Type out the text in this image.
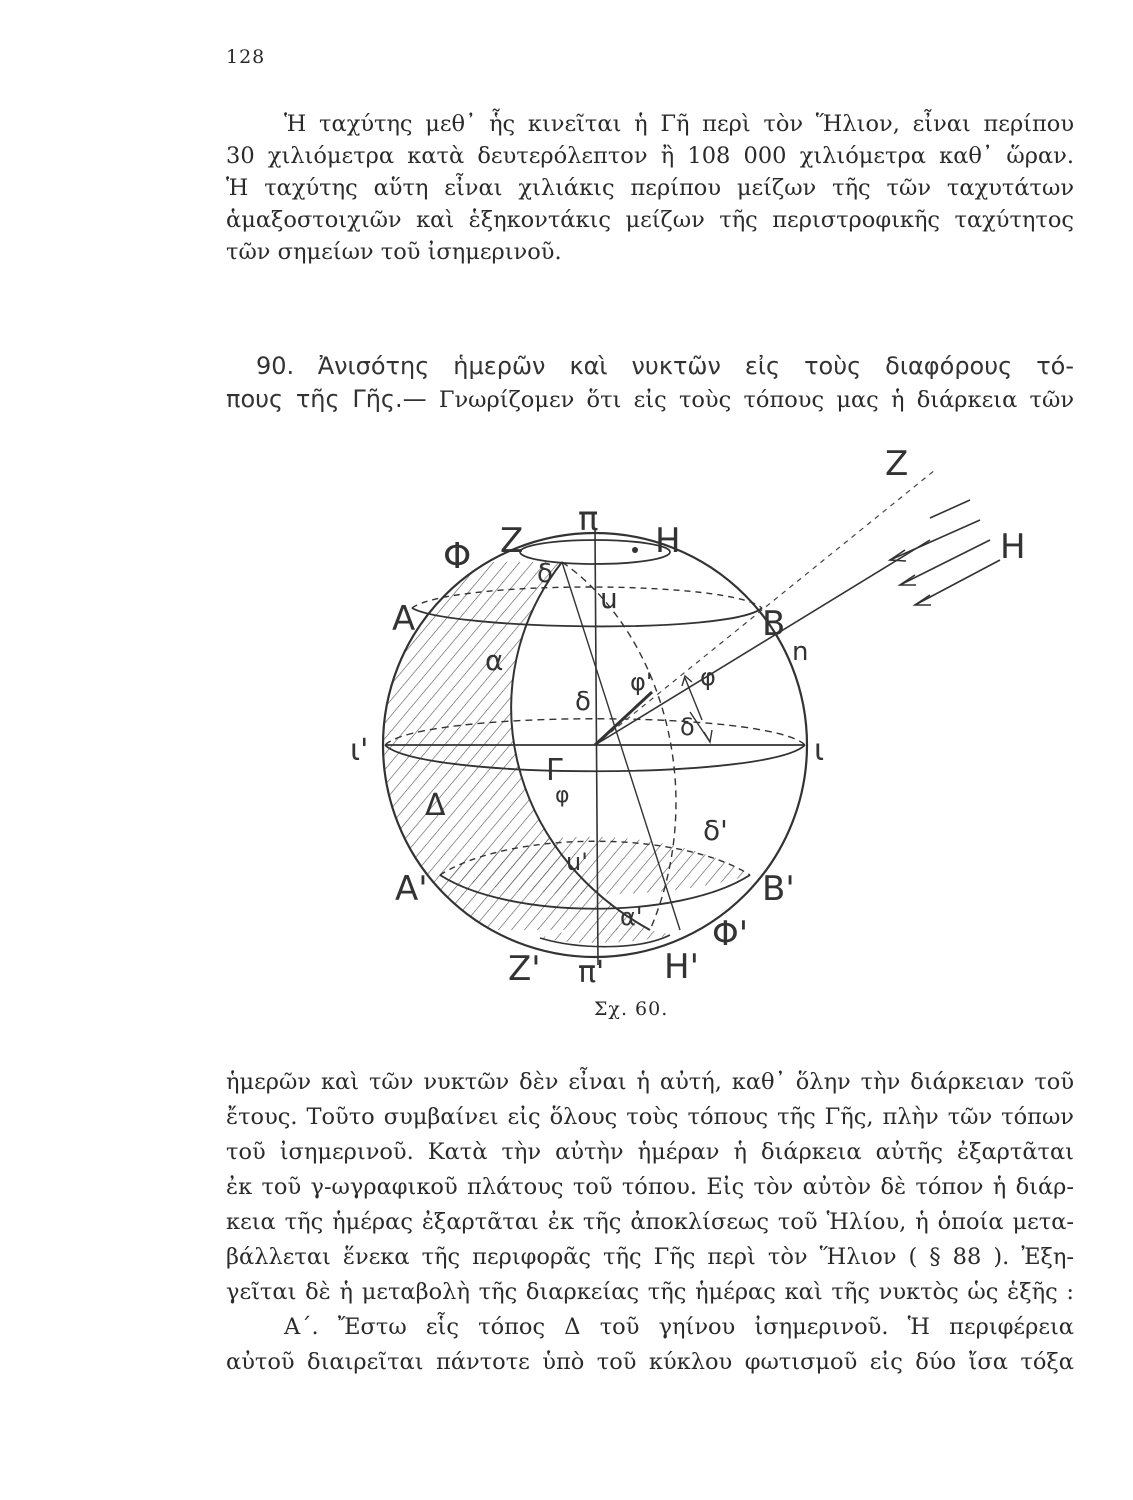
128
Ἡ ταχύτης μεθ᾽ ἧς κινεῖται ἡ Γῆ περὶ τὸν Ἥλιον, εἶναι περίπου
30 χιλιόμετρα κατὰ δευτερόλεπτον ἢ 108 000 χιλιόμετρα καθ᾽ ὥραν.
Ἡ ταχύτης αὕτη εἶναι χιλιάκις περίπου μείζων τῆς τῶν ταχυτάτων
ἁμαξοστοιχιῶν καὶ ἑξηκοντάκις μείζων τῆς περιστροφικῆς ταχύτητος
τῶν σημείων τοῦ ἰσημερινοῦ.
90. Ἀνισότης ἡμερῶν καὶ νυκτῶν εἰς τοὺς διαφόρους τό-
πους τῆς Γῆς.— Γνωρίζομεν ὅτι εἰς τοὺς τόπους μας ἡ διάρκεια τῶν
Z
H
Φ Z
π
H
δ
A
u
B
n
α
φ' φ
δ
δ
ι'	ι
Γ
φ
Δ
δ'
u'
A'	B'
α' Φ'
Z' π' H'
Σχ. 60.
ἡμερῶν καὶ τῶν νυκτῶν δὲν εἶναι ἡ αὐτή, καθ᾽ ὅλην τὴν διάρκειαν τοῦ
ἔτους. Τοῦτο συμβαίνει εἰς ὅλους τοὺς τόπους τῆς Γῆς, πλὴν τῶν τόπων
τοῦ ἰσημερινοῦ. Κατὰ τὴν αὐτὴν ἡμέραν ἡ διάρκεια αὐτῆς ἐξαρτᾶται
ἐκ τοῦ γ-ωγραφικοῦ πλάτους τοῦ τόπου. Εἰς τὸν αὐτὸν δὲ τόπον ἡ διάρ-
κεια τῆς ἡμέρας ἐξαρτᾶται ἐκ τῆς ἀποκλίσεως τοῦ Ἡλίου, ἡ ὁποία μετα-
βάλλεται ἕνεκα τῆς περιφορᾶς τῆς Γῆς περὶ τὸν Ἥλιον ( § 88 ). Ἐξη-
γεῖται δὲ ἡ μεταβολὴ τῆς διαρκείας τῆς ἡμέρας καὶ τῆς νυκτὸς ὡς ἑξῆς :
Α΄. Ἔστω εἷς τόπος Δ τοῦ γηίνου ἰσημερινοῦ. Ἡ περιφέρεια
αὐτοῦ διαιρεῖται πάντοτε ὑπὸ τοῦ κύκλου φωτισμοῦ εἰς δύο ἴσα τόξα
